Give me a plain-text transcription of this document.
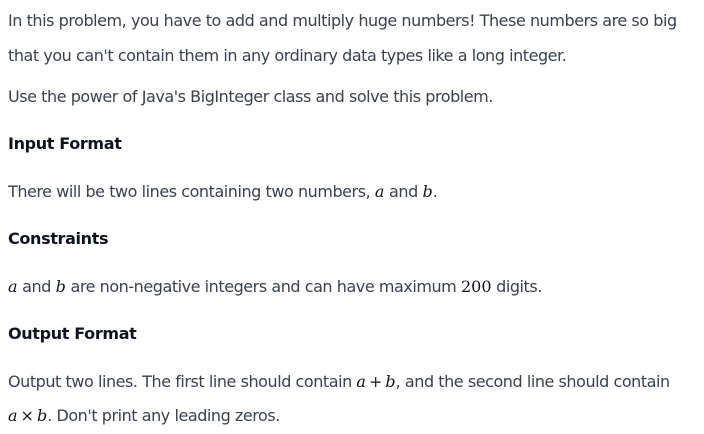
In this problem, you have to add and multiply huge numbers! These numbers are so big
that you can't contain them in any ordinary data types like a long integer.
Use the power of Java's BigInteger class and solve this problem.
Input Format
There will be two lines containing two numbers, a and b.
Constraints
a and b are non-negative integers and can have maximum 200 digits.
Output Format
Output two lines. The first line should contain a + b, and the second line should contain
a × b. Don't print any leading zeros.
